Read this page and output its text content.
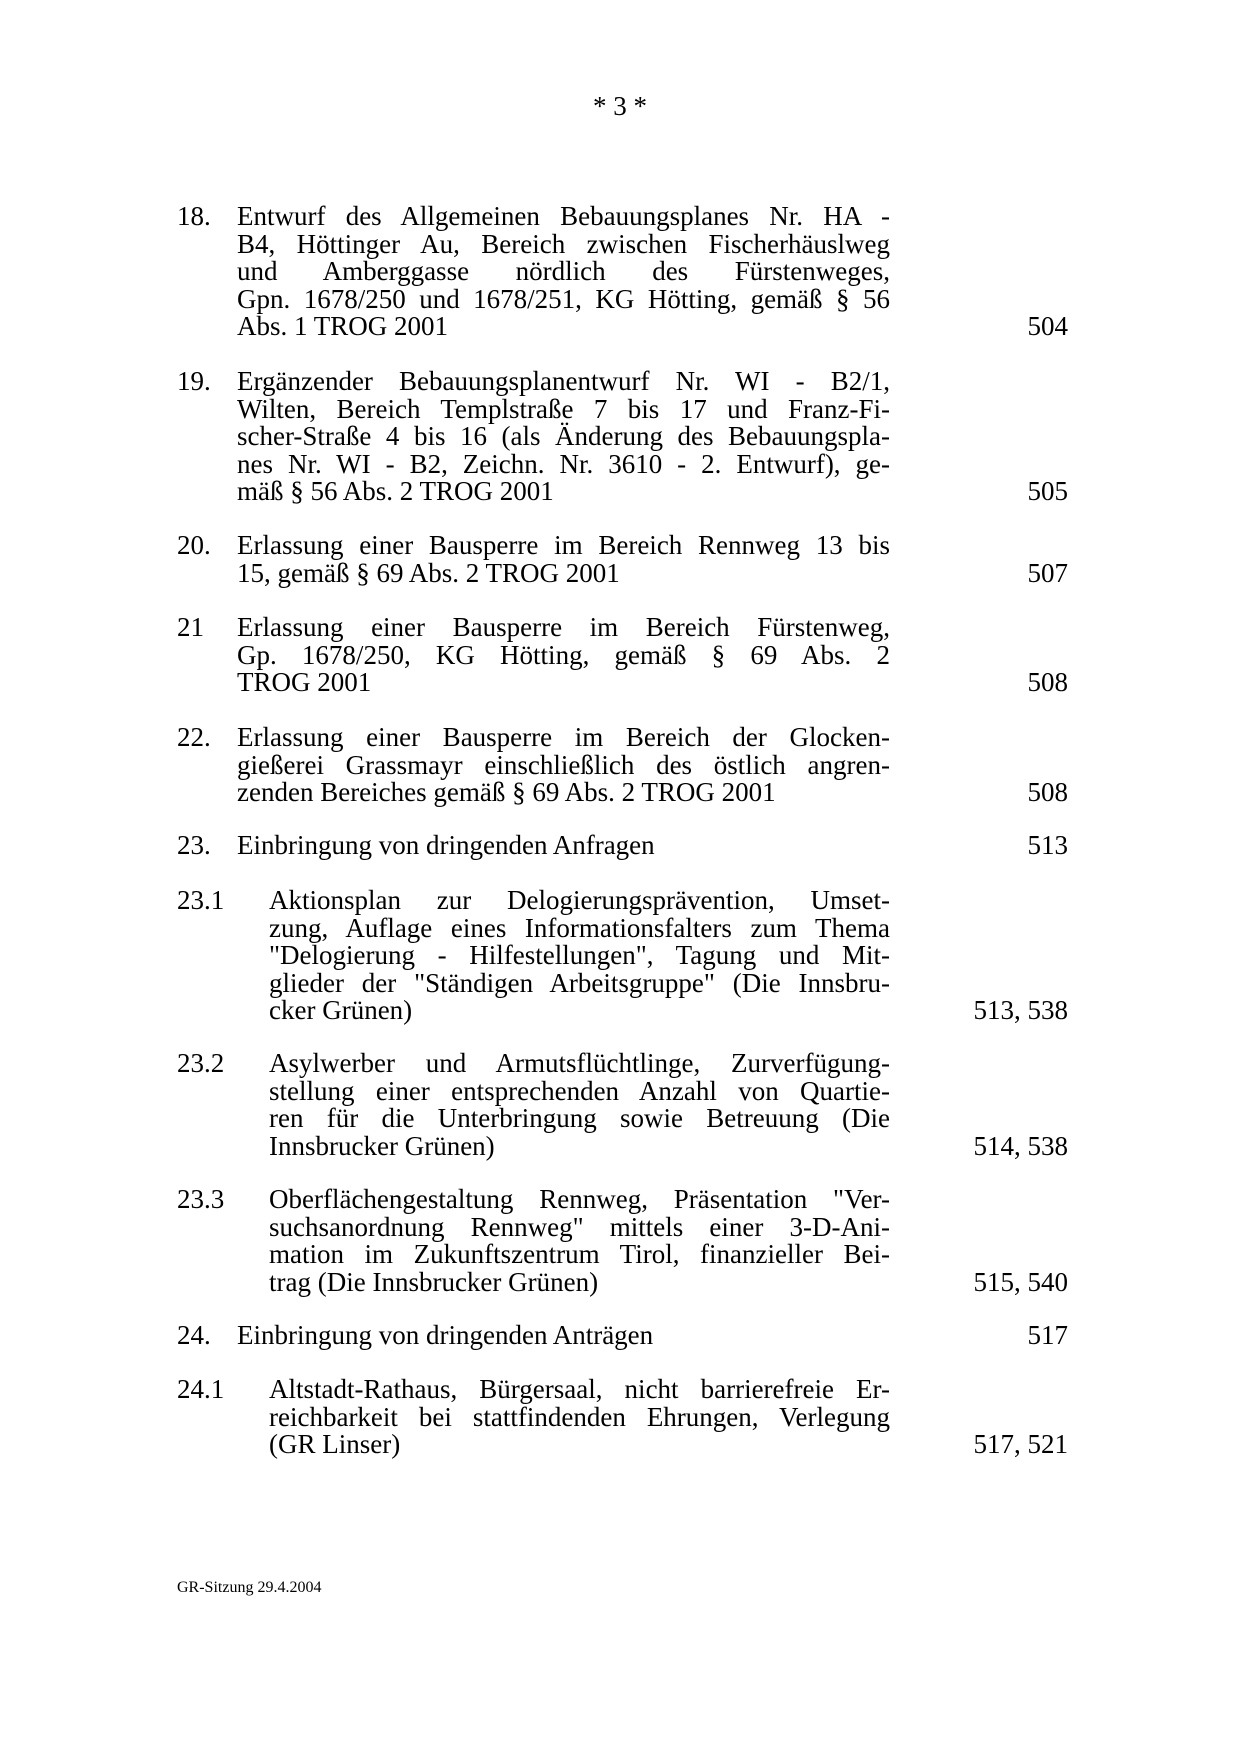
* 3 *
18. Entwurf des Allgemeinen Bebauungsplanes Nr. HA -
B4, Höttinger Au, Bereich zwischen Fischerhäuslweg
und Amberggasse nördlich des Fürstenweges,
Gpn. 1678/250 und 1678/251, KG Hötting, gemäß § 56
Abs. 1 TROG 2001	504
19. Ergänzender Bebauungsplanentwurf Nr. WI - B2/1,
Wilten, Bereich Templstraße 7 bis 17 und Franz-Fi-
scher-Straße 4 bis 16 (als Änderung des Bebauungspla-
nes Nr. WI - B2, Zeichn. Nr. 3610 - 2. Entwurf), ge-
mäß § 56 Abs. 2 TROG 2001	505
20. Erlassung einer Bausperre im Bereich Rennweg 13 bis
15, gemäß § 69 Abs. 2 TROG 2001	507
21 Erlassung einer Bausperre im Bereich Fürstenweg,
Gp. 1678/250, KG Hötting, gemäß § 69 Abs. 2
TROG 2001	508
22. Erlassung einer Bausperre im Bereich der Glocken-
gießerei Grassmayr einschließlich des östlich angren-
zenden Bereiches gemäß § 69 Abs. 2 TROG 2001	508
23. Einbringung von dringenden Anfragen	513
23.1 Aktionsplan zur Delogierungsprävention, Umset-
zung, Auflage eines Informationsfalters zum Thema
"Delogierung - Hilfestellungen", Tagung und Mit-
glieder der "Ständigen Arbeitsgruppe" (Die Innsbru-
cker Grünen)	513, 538
23.2 Asylwerber und Armutsflüchtlinge, Zurverfügung-
stellung einer entsprechenden Anzahl von Quartie-
ren für die Unterbringung sowie Betreuung (Die
Innsbrucker Grünen)	514, 538
23.3 Oberflächengestaltung Rennweg, Präsentation "Ver-
suchsanordnung Rennweg" mittels einer 3-D-Ani-
mation im Zukunftszentrum Tirol, finanzieller Bei-
trag (Die Innsbrucker Grünen)	515, 540
24. Einbringung von dringenden Anträgen	517
24.1 Altstadt-Rathaus, Bürgersaal, nicht barrierefreie Er-
reichbarkeit bei stattfindenden Ehrungen, Verlegung
(GR Linser)	517, 521
GR-Sitzung 29.4.2004
